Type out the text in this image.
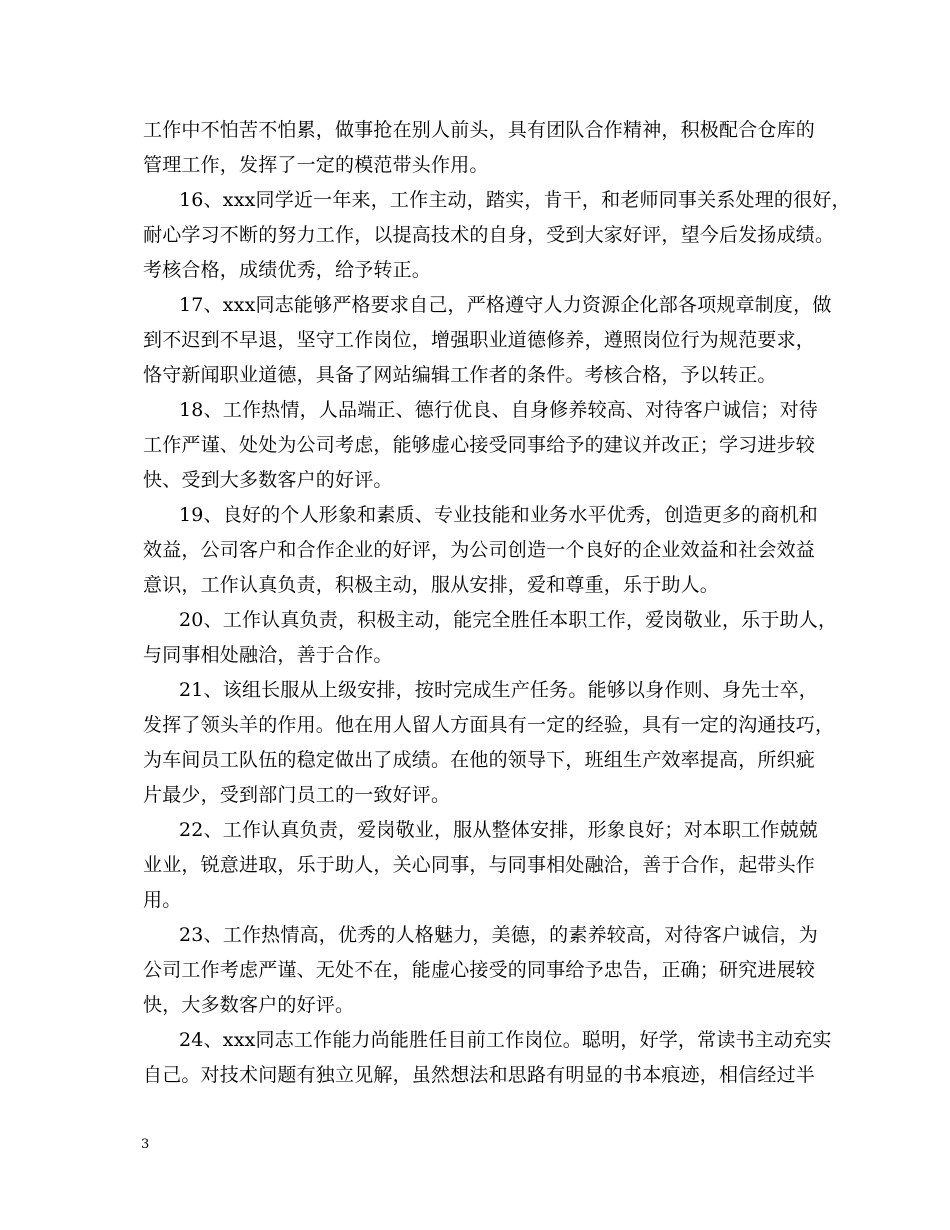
工作中不怕苦不怕累，做事抢在别人前头，具有团队合作精神，积极配合仓库的
管理工作，发挥了一定的模范带头作用。
16、xxx同学近一年来，工作主动，踏实，肯干，和老师同事关系处理的很好，
耐心学习不断的努力工作，以提高技术的自身，受到大家好评，望今后发扬成绩。
考核合格，成绩优秀，给予转正。
17、xxx同志能够严格要求自己，严格遵守人力资源企化部各项规章制度，做
到不迟到不早退，坚守工作岗位，增强职业道德修养，遵照岗位行为规范要求，
恪守新闻职业道德，具备了网站编辑工作者的条件。考核合格，予以转正。
18、工作热情，人品端正、德行优良、自身修养较高、对待客户诚信；对待
工作严谨、处处为公司考虑，能够虚心接受同事给予的建议并改正；学习进步较
快、受到大多数客户的好评。
19、良好的个人形象和素质、专业技能和业务水平优秀，创造更多的商机和
效益，公司客户和合作企业的好评，为公司创造一个良好的企业效益和社会效益
意识，工作认真负责，积极主动，服从安排，爱和尊重，乐于助人。
20、工作认真负责，积极主动，能完全胜任本职工作，爱岗敬业，乐于助人，
与同事相处融洽，善于合作。
21、该组长服从上级安排，按时完成生产任务。能够以身作则、身先士卒，
发挥了领头羊的作用。他在用人留人方面具有一定的经验，具有一定的沟通技巧，
为车间员工队伍的稳定做出了成绩。在他的领导下，班组生产效率提高，所织疵
片最少，受到部门员工的一致好评。
22、工作认真负责，爱岗敬业，服从整体安排，形象良好；对本职工作兢兢
业业，锐意进取，乐于助人，关心同事，与同事相处融洽，善于合作，起带头作
用。
23、工作热情高，优秀的人格魅力，美德，的素养较高，对待客户诚信，为
公司工作考虑严谨、无处不在，能虚心接受的同事给予忠告，正确；研究进展较
快，大多数客户的好评。
24、xxx同志工作能力尚能胜任目前工作岗位。聪明，好学，常读书主动充实
自己。对技术问题有独立见解，虽然想法和思路有明显的书本痕迹，相信经过半
3
